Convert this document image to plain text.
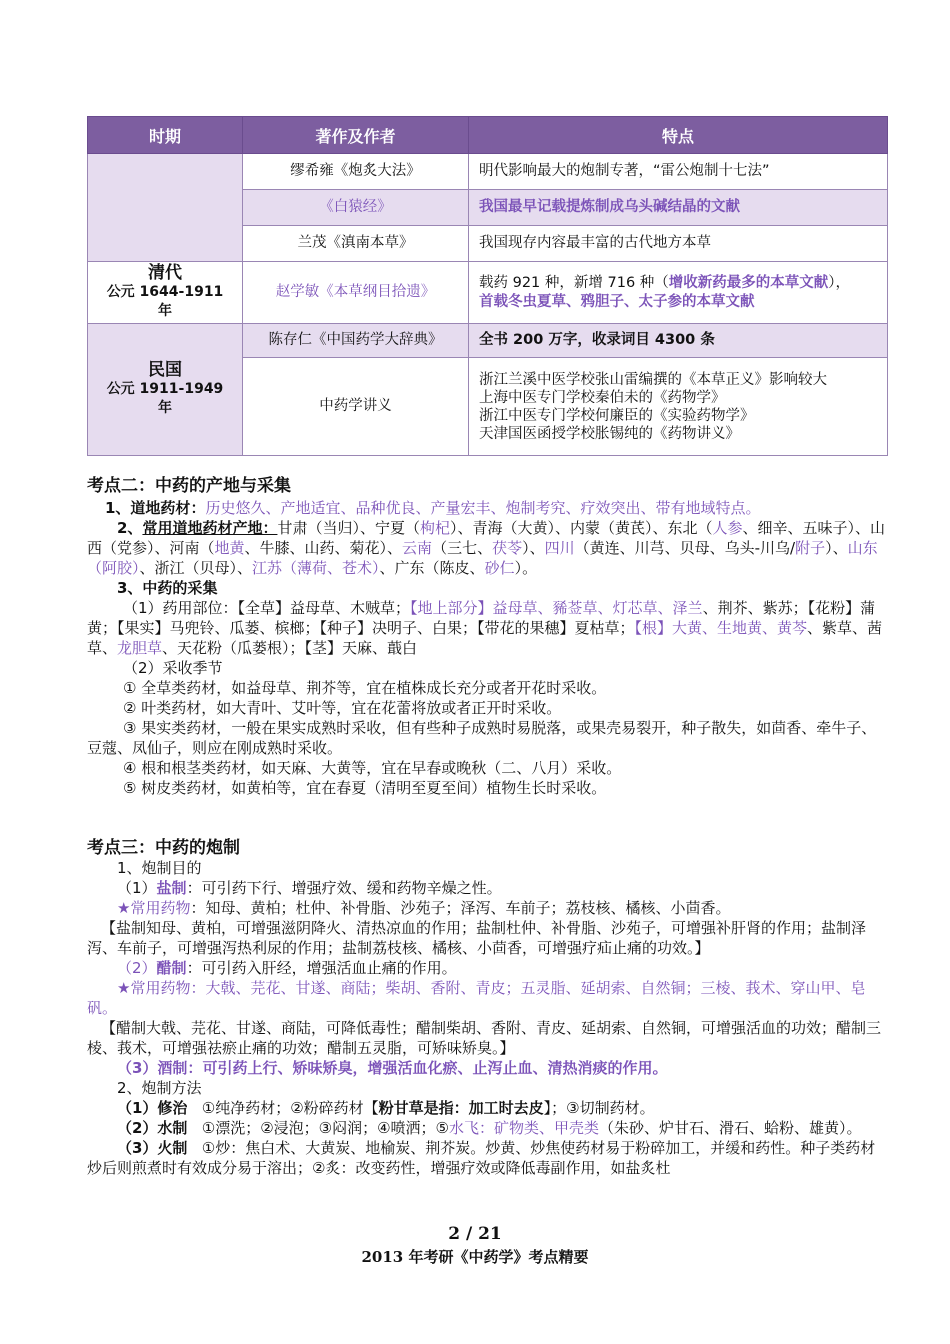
时期	著作及作者	特点
	缪希雍《炮炙大法》	明代影响最大的炮制专著，“雷公炮制十七法”
	《白猿经》	我国最早记载提炼制成乌头碱结晶的文献
	兰茂《滇南本草》	我国现存内容最丰富的古代地方本草

清代
公元 1644-1911 年	赵学敏《本草纲目拾遗》	载药 921 种，新增 716 种（增收新药最多的本草文献），
首载冬虫夏草、鸦胆子、太子参的本草文献

民国
公元 1911-1949 年	陈存仁《中国药学大辞典》	全书 200 万字，收录词目 4300 条
	中药学讲义	浙江兰溪中医学校张山雷编撰的《本草正义》影响较大
上海中医专门学校秦伯未的《药物学》
浙江中医专门学校何廉臣的《实验药物学》
天津国医函授学校胀锡纯的《药物讲义》
考点二：中药的产地与采集
1、道地药材：历史悠久、产地适宜、品种优良、产量宏丰、炮制考究、疗效突出、带有地域特点。
2、常用道地药材产地：甘肃（当归）、宁夏（枸杞）、青海（大黄）、内蒙（黄芪）、东北（人参、细辛、五味子）、山西（党参）、河南（地黄、牛膝、山药、菊花）、云南（三七、茯苓）、四川（黄连、川芎、贝母、乌头-川乌/附子）、山东（阿胶）、浙江（贝母）、江苏（薄荷、苍术）、广东（陈皮、砂仁）。
3、中药的采集
（1）药用部位：【全草】益母草、木贼草；【地上部分】益母草、豨莶草、灯芯草、泽兰、荆芥、紫苏；【花粉】蒲黄；【果实】马兜铃、瓜蒌、槟榔；【种子】决明子、白果；【带花的果穗】夏枯草；【根】大黄、生地黄、黄芩、紫草、茜草、龙胆草、天花粉（瓜蒌根）；【茎】天麻、蕺白
（2）采收季节
① 全草类药材，如益母草、荆芥等，宜在植株成长充分或者开花时采收。
② 叶类药材，如大青叶、艾叶等，宜在花蕾将放或者正开时采收。
③ 果实类药材，一般在果实成熟时采收，但有些种子成熟时易脱落，或果壳易裂开，种子散失，如茴香、牵牛子、豆蔻、凤仙子，则应在刚成熟时采收。
④ 根和根茎类药材，如天麻、大黄等，宜在早春或晚秋（二、八月）采收。
⑤ 树皮类药材，如黄柏等，宜在春夏（清明至夏至间）植物生长时采收。
考点三：中药的炮制
1、炮制目的
（1）盐制：可引药下行、增强疗效、缓和药物辛燥之性。
★常用药物：知母、黄柏；杜仲、补骨脂、沙苑子；泽泻、车前子；荔枝核、橘核、小茴香。
【盐制知母、黄柏，可增强滋阴降火、清热凉血的作用；盐制杜仲、补骨脂、沙苑子，可增强补肝肾的作用；盐制泽泻、车前子，可增强泻热利尿的作用；盐制荔枝核、橘核、小茴香，可增强疗疝止痛的功效。】
（2）醋制：可引药入肝经，增强活血止痛的作用。
★常用药物：大戟、芫花、甘遂、商陆；柴胡、香附、青皮；五灵脂、延胡索、自然铜；三棱、莪术、穿山甲、皂矾。
【醋制大戟、芫花、甘遂、商陆，可降低毒性；醋制柴胡、香附、青皮、延胡索、自然铜，可增强活血的功效；醋制三棱、莪术，可增强祛瘀止痛的功效；醋制五灵脂，可矫味矫臭。】
（3）酒制：可引药上行、矫味矫臭，增强活血化瘀、止泻止血、清热消痰的作用。
2、炮制方法
（1）修治 ①纯净药材；②粉碎药材【粉甘草是指：加工时去皮】；③切制药材。
（2）水制 ①漂洗；②浸泡；③闷润；④喷洒；⑤水飞：矿物类、甲壳类（朱砂、炉甘石、滑石、蛤粉、雄黄）。
（3）火制 ①炒：焦白术、大黄炭、地榆炭、荆芥炭。炒黄、炒焦使药材易于粉碎加工，并缓和药性。种子类药材炒后则煎煮时有效成分易于溶出；②炙：改变药性，增强疗效或降低毒副作用，如盐炙杜
2 / 21
2013 年考研《中药学》考点精要
